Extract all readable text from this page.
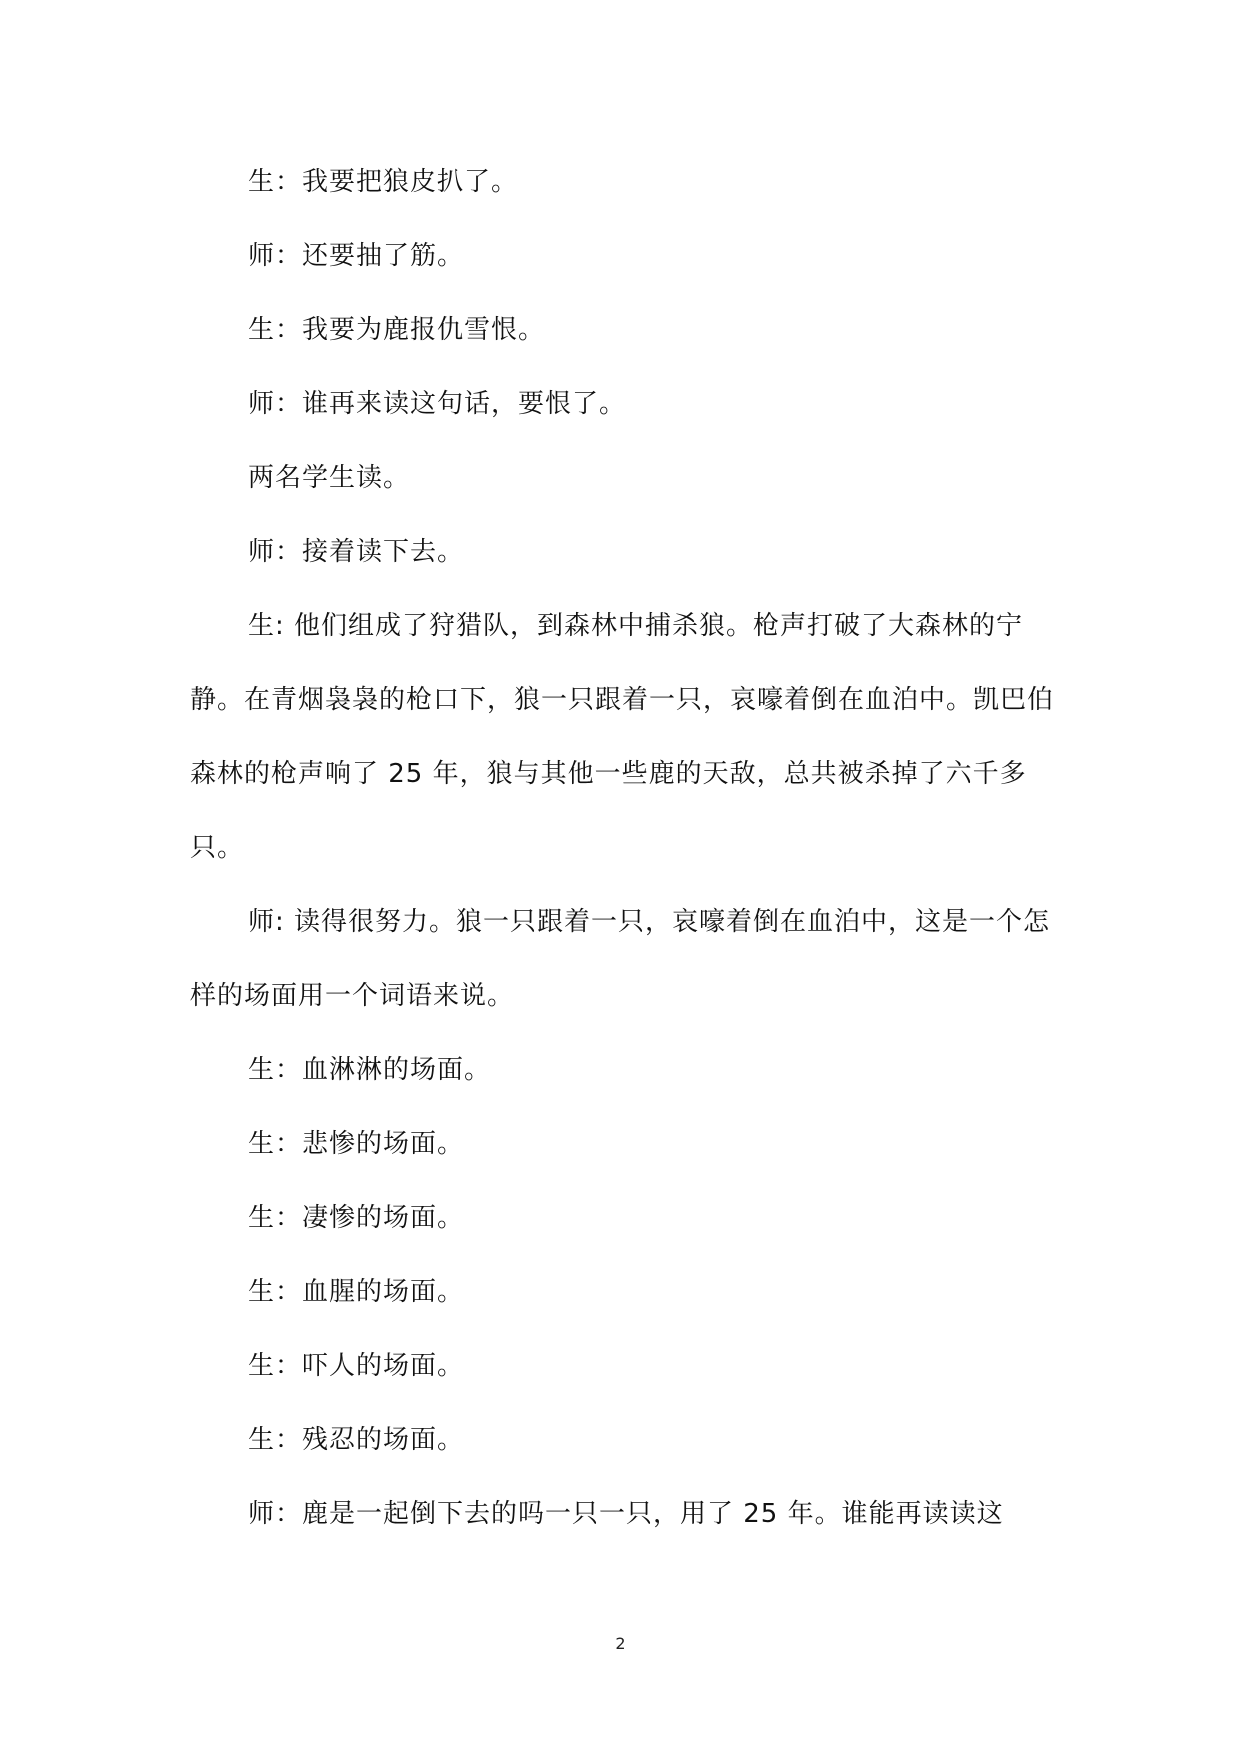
生：我要把狼皮扒了。

师：还要抽了筋。

生：我要为鹿报仇雪恨。

师：谁再来读这句话，要恨了。

两名学生读。

师：接着读下去。

生: 他们组成了狩猎队，到森林中捕杀狼。枪声打破了大森林的宁静。在青烟袅袅的枪口下，狼一只跟着一只，哀嚎着倒在血泊中。凯巴伯森林的枪声响了 25 年，狼与其他一些鹿的天敌，总共被杀掉了六千多只。

师: 读得很努力。狼一只跟着一只，哀嚎着倒在血泊中，这是一个怎样的场面用一个词语来说。

生：血淋淋的场面。

生：悲惨的场面。

生：凄惨的场面。

生：血腥的场面。

生：吓人的场面。

生：残忍的场面。

师：鹿是一起倒下去的吗一只一只，用了 25 年。谁能再读读这

2
